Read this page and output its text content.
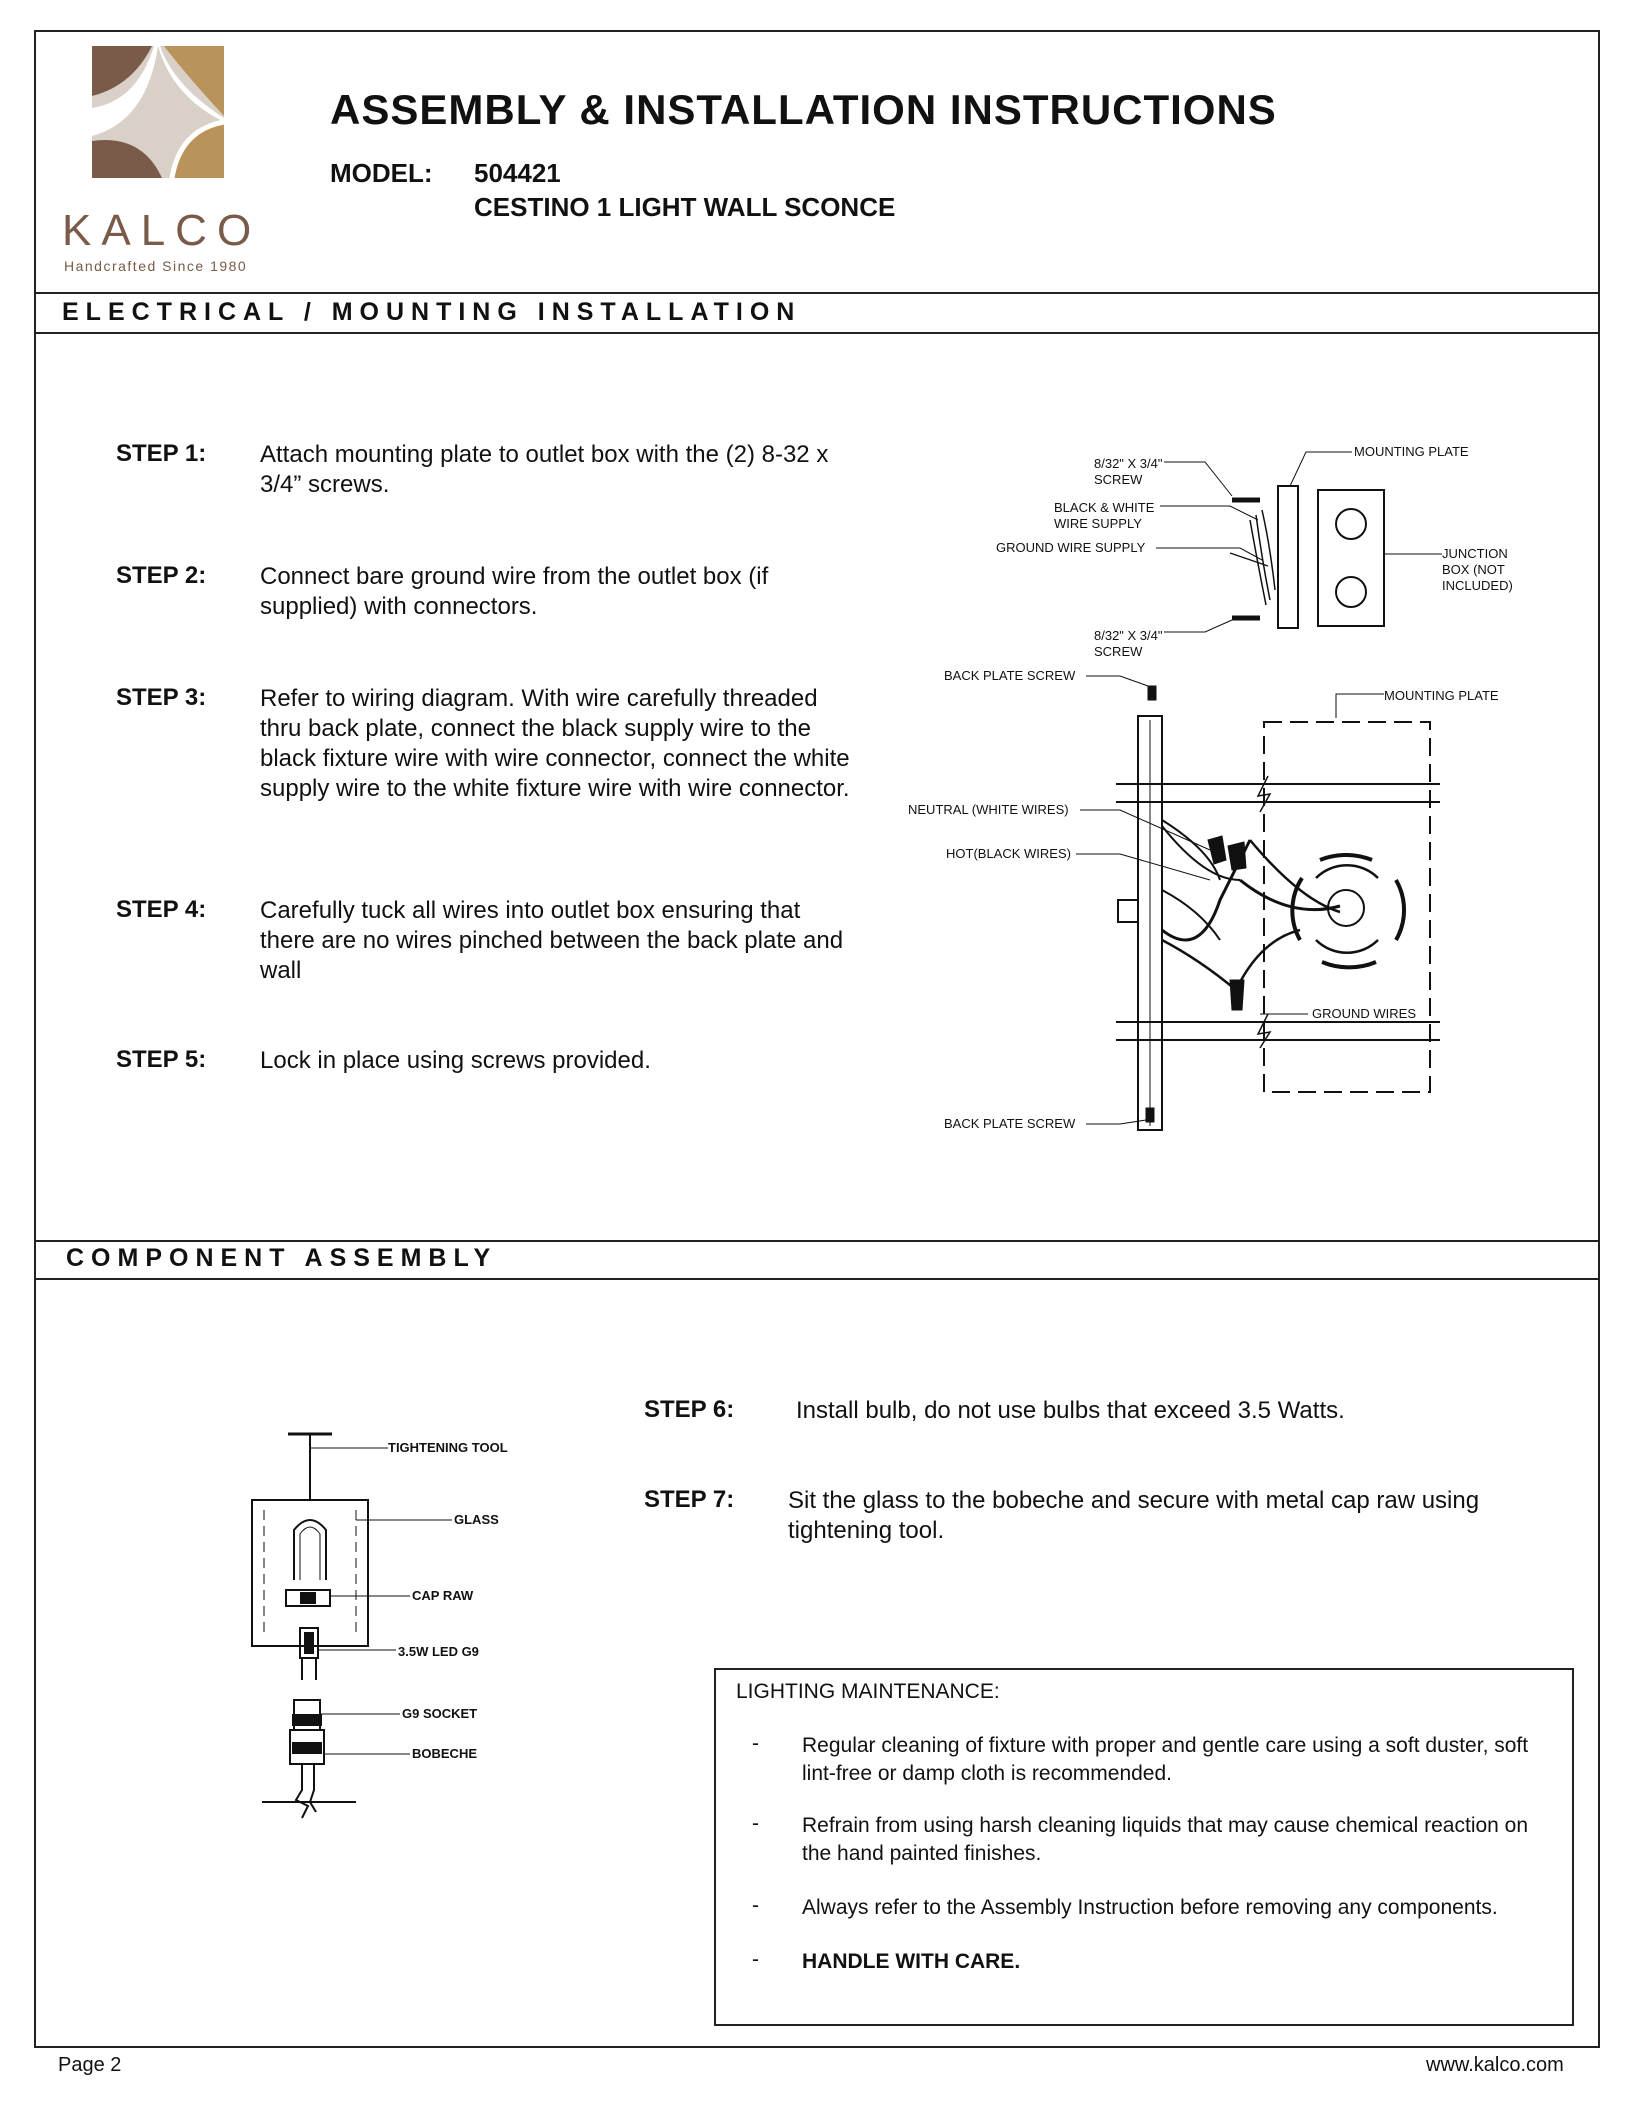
KALCO
Handcrafted Since 1980
ASSEMBLY & INSTALLATION INSTRUCTIONS
MODEL: 504421
CESTINO 1 LIGHT WALL SCONCE
ELECTRICAL / MOUNTING INSTALLATION
COMPONENT ASSEMBLY
STEP 1: Attach mounting plate to outlet box with the (2) 8-32 x 3/4” screws.
STEP 2: Connect bare ground wire from the outlet box (if supplied) with connectors.
STEP 3: Refer to wiring diagram. With wire carefully threaded thru back plate, connect the black supply wire to the black fixture wire with wire connector, connect the white supply wire to the white fixture wire with wire connector.
STEP 4: Carefully tuck all wires into outlet box ensuring that there are no wires pinched between the back plate and wall
STEP 5: Lock in place using screws provided.
8/32" X 3/4"
SCREW
BLACK & WHITE
WIRE SUPPLY
GROUND WIRE SUPPLY
8/32" X 3/4"
SCREW
MOUNTING PLATE
JUNCTION
BOX (NOT
INCLUDED)
BACK PLATE SCREW
MOUNTING PLATE
NEUTRAL (WHITE WIRES)
HOT(BLACK WIRES)
GROUND WIRES
BACK PLATE SCREW
TIGHTENING TOOL
GLASS
CAP RAW
3.5W LED G9
G9 SOCKET
BOBECHE
STEP 6:	Install bulb, do not use bulbs that exceed 3.5 Watts.
STEP 7: Sit the glass to the bobeche and secure with metal cap raw using tightening tool.
LIGHTING MAINTENANCE:
- Regular cleaning of fixture with proper and gentle care using a soft duster, soft lint-free or damp cloth is recommended.
- Refrain from using harsh cleaning liquids that may cause chemical reaction on the hand painted finishes.
- Always refer to the Assembly Instruction before removing any components.
- HANDLE WITH CARE.
Page 2	www.kalco.com
